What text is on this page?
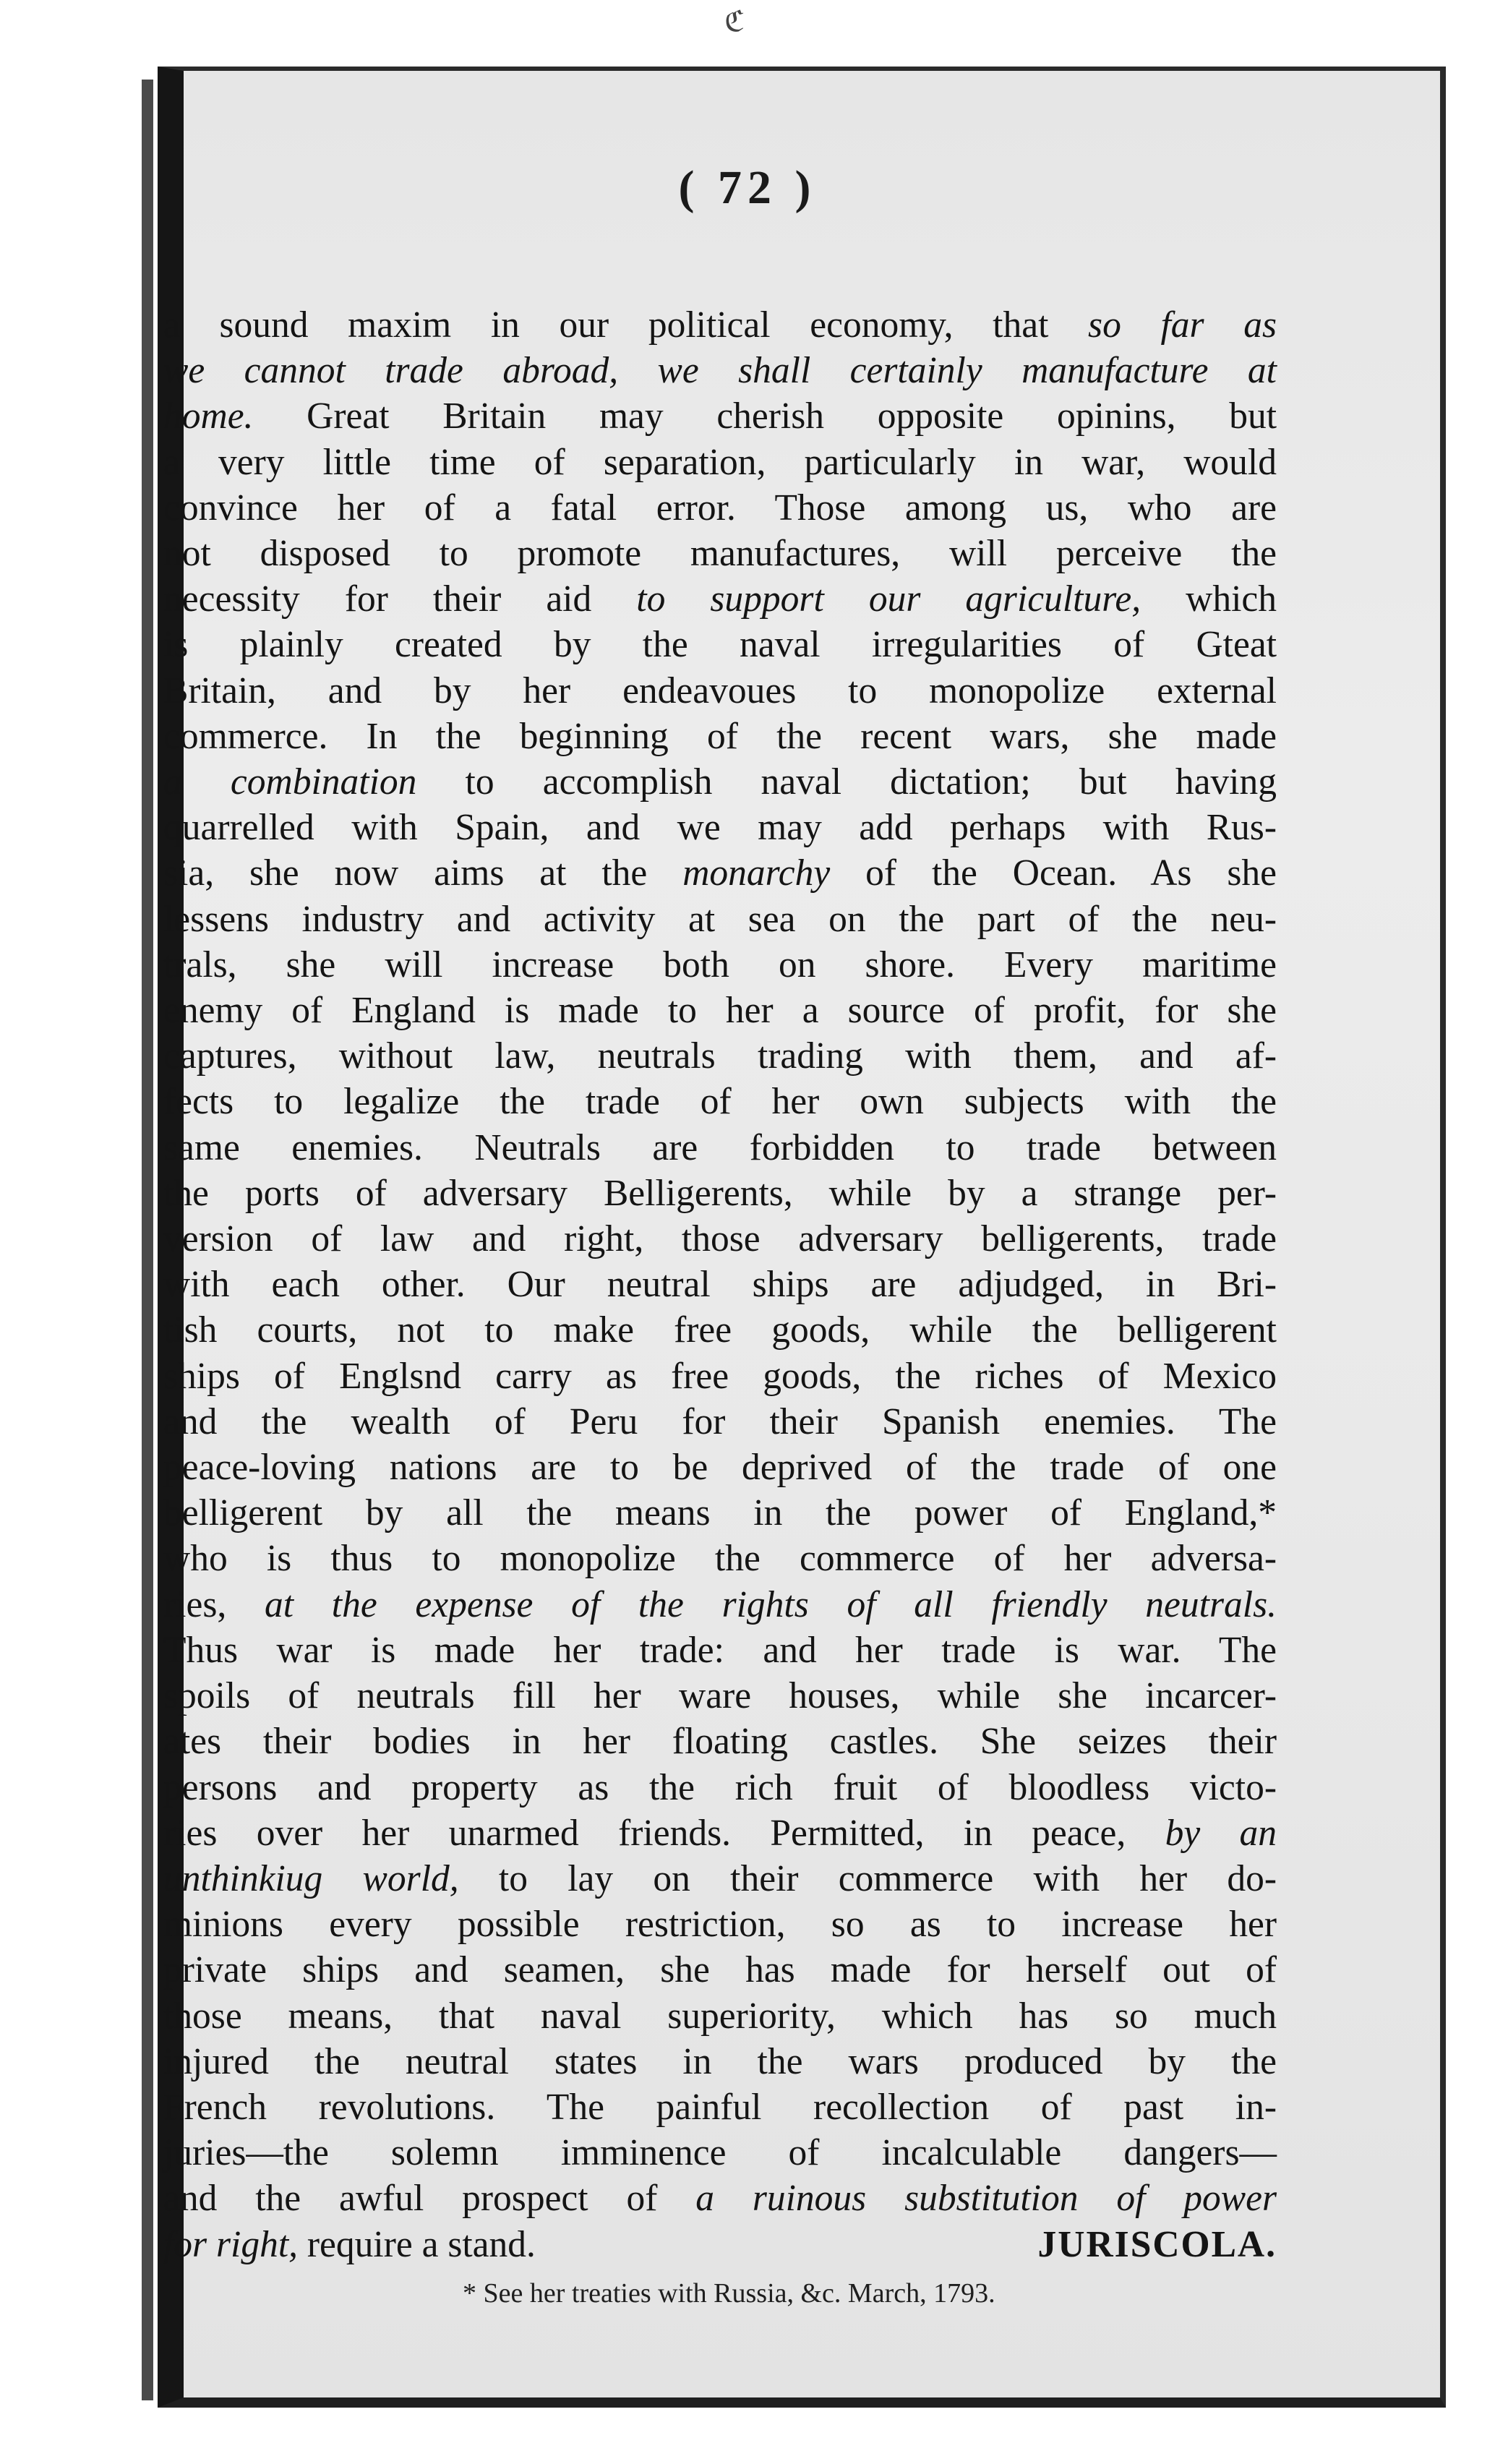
ℭ
( 72 )
a sound maxim in our political economy, that so far as
we cannot trade abroad, we shall certainly manufacture at
home. Great Britain may cherish opposite opinins, but
a very little time of separation, particularly in war, would
convince her of a fatal error. Those among us, who are
not disposed to promote manufactures, will perceive the
necessity for their aid to support our agriculture, which
is plainly created by the naval irregularities of Gteat
Britain, and by her endeavoues to monopolize external
commerce. In the beginning of the recent wars, she made
a combination to accomplish naval dictation; but having
quarrelled with Spain, and we may add perhaps with Rus-
sia, she now aims at the monarchy of the Ocean. As she
lessens industry and activity at sea on the part of the neu-
trals, she will increase both on shore. Every maritime
enemy of England is made to her a source of profit, for she
captures, without law, neutrals trading with them, and af-
fects to legalize the trade of her own subjects with the
same enemies. Neutrals are forbidden to trade between
the ports of adversary Belligerents, while by a strange per-
version of law and right, those adversary belligerents, trade
with each other. Our neutral ships are adjudged, in Bri-
tish courts, not to make free goods, while the belligerent
ships of Englsnd carry as free goods, the riches of Mexico
and the wealth of Peru for their Spanish enemies. The
peace-loving nations are to be deprived of the trade of one
belligerent by all the means in the power of England,*
who is thus to monopolize the commerce of her adversa-
ries, at the expense of the rights of all friendly neutrals.
Thus war is made her trade: and her trade is war. The
spoils of neutrals fill her ware houses, while she incarcer-
ates their bodies in her floating castles. She seizes their
persons and property as the rich fruit of bloodless victo-
ries over her unarmed friends. Permitted, in peace, by an
unthinkiug world, to lay on their commerce with her do-
minions every possible restriction, so as to increase her
private ships and seamen, she has made for herself out of
those means, that naval superiority, which has so much
injured the neutral states in the wars produced by the
French revolutions. The painful recollection of past in-
juries—the solemn imminence of incalculable dangers—
and the awful prospect of a ruinous substitution of power
for right, require a stand.	JURISCOLA.
* See her treaties with Russia, &c. March, 1793.
